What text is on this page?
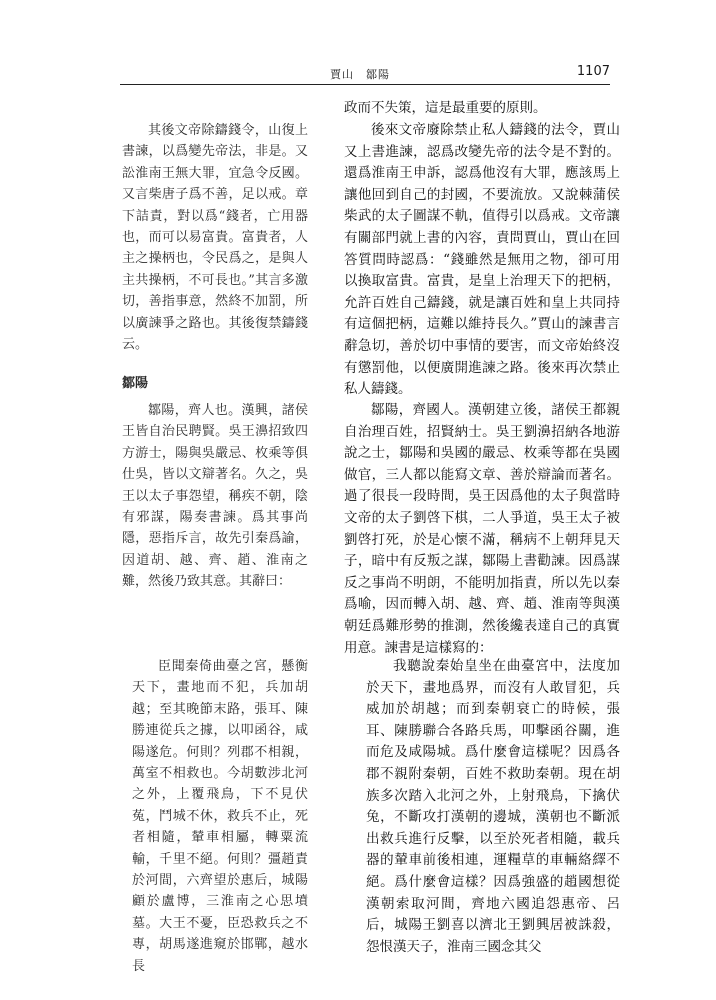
賈山　鄒陽	1107

其後文帝除鑄錢令，山復上書諫，以爲變先帝法，非是。又訟淮南王無大罪，宜急令反國。又言柴唐子爲不善，足以戒。章下詰責，對以爲“錢者，亡用器也，而可以易富貴。富貴者，人主之操柄也，令民爲之，是與人主共操柄，不可長也。”其言多激切，善指事意，然終不加罰，所以廣諫爭之路也。其後復禁鑄錢云。

鄒陽

鄒陽，齊人也。漢興，諸侯王皆自治民聘賢。吳王濞招致四方游士，陽與吳嚴忌、枚乘等俱仕吳，皆以文辯著名。久之，吳王以太子事怨望，稱疾不朝，陰有邪謀，陽奏書諫。爲其事尚隱，惡指斥言，故先引秦爲諭，因道胡、越、齊、趙、淮南之難，然後乃致其意。其辭曰：

臣聞秦倚曲臺之宮，懸衡天下，畫地而不犯，兵加胡越；至其晚節末路，張耳、陳勝連從兵之據，以叩函谷，咸陽遂危。何則？列郡不相親，萬室不相救也。今胡數涉北河之外，上覆飛鳥，下不見伏菟，鬥城不休，救兵不止，死者相隨，輦車相屬，轉粟流輸，千里不絕。何則？彊趙責於河間，六齊望於惠后，城陽顧於盧博，三淮南之心思墳墓。大王不憂，臣恐救兵之不專，胡馬遂進窺於邯鄲，越水長

政而不失策，這是最重要的原則。

後來文帝廢除禁止私人鑄錢的法令，賈山又上書進諫，認爲改變先帝的法令是不對的。還爲淮南王申訴，認爲他沒有大罪，應該馬上讓他回到自己的封國，不要流放。又說棘蒲侯柴武的太子圖謀不軌，值得引以爲戒。文帝讓有關部門就上書的內容，責問賈山，賈山在回答質問時認爲：“錢雖然是無用之物，卻可用以換取富貴。富貴，是皇上治理天下的把柄，允許百姓自己鑄錢，就是讓百姓和皇上共同持有這個把柄，這難以維持長久。”賈山的諫書言辭急切，善於切中事情的要害，而文帝始終沒有懲罰他，以便廣開進諫之路。後來再次禁止私人鑄錢。

鄒陽，齊國人。漢朝建立後，諸侯王都親自治理百姓，招賢納士。吳王劉濞招納各地游說之士，鄒陽和吳國的嚴忌、枚乘等都在吳國做官，三人都以能寫文章、善於辯論而著名。過了很長一段時間，吳王因爲他的太子與當時文帝的太子劉啓下棋，二人爭道，吳王太子被劉啓打死，於是心懷不滿，稱病不上朝拜見天子，暗中有反叛之謀，鄒陽上書勸諫。因爲謀反之事尚不明朗，不能明加指責，所以先以秦爲喻，因而轉入胡、越、齊、趙、淮南等與漢朝廷爲難形勢的推測，然後纔表達自己的真實用意。諫書是這樣寫的：

我聽說秦始皇坐在曲臺宮中，法度加於天下，畫地爲界，而沒有人敢冒犯，兵威加於胡越；而到秦朝衰亡的時候，張耳、陳勝聯合各路兵馬，叩擊函谷關，進而危及咸陽城。爲什麼會這樣呢？因爲各郡不親附秦朝，百姓不救助秦朝。現在胡族多次踏入北河之外，上射飛鳥，下擒伏兔，不斷攻打漢朝的邊城，漢朝也不斷派出救兵進行反擊，以至於死者相隨，載兵器的輦車前後相連，運糧草的車輛絡繹不絕。爲什麼會這樣？因爲強盛的趙國想從漢朝索取河間，齊地六國追怨惠帝、呂后，城陽王劉喜以濟北王劉興居被誅殺，怨恨漢天子，淮南三國念其父
